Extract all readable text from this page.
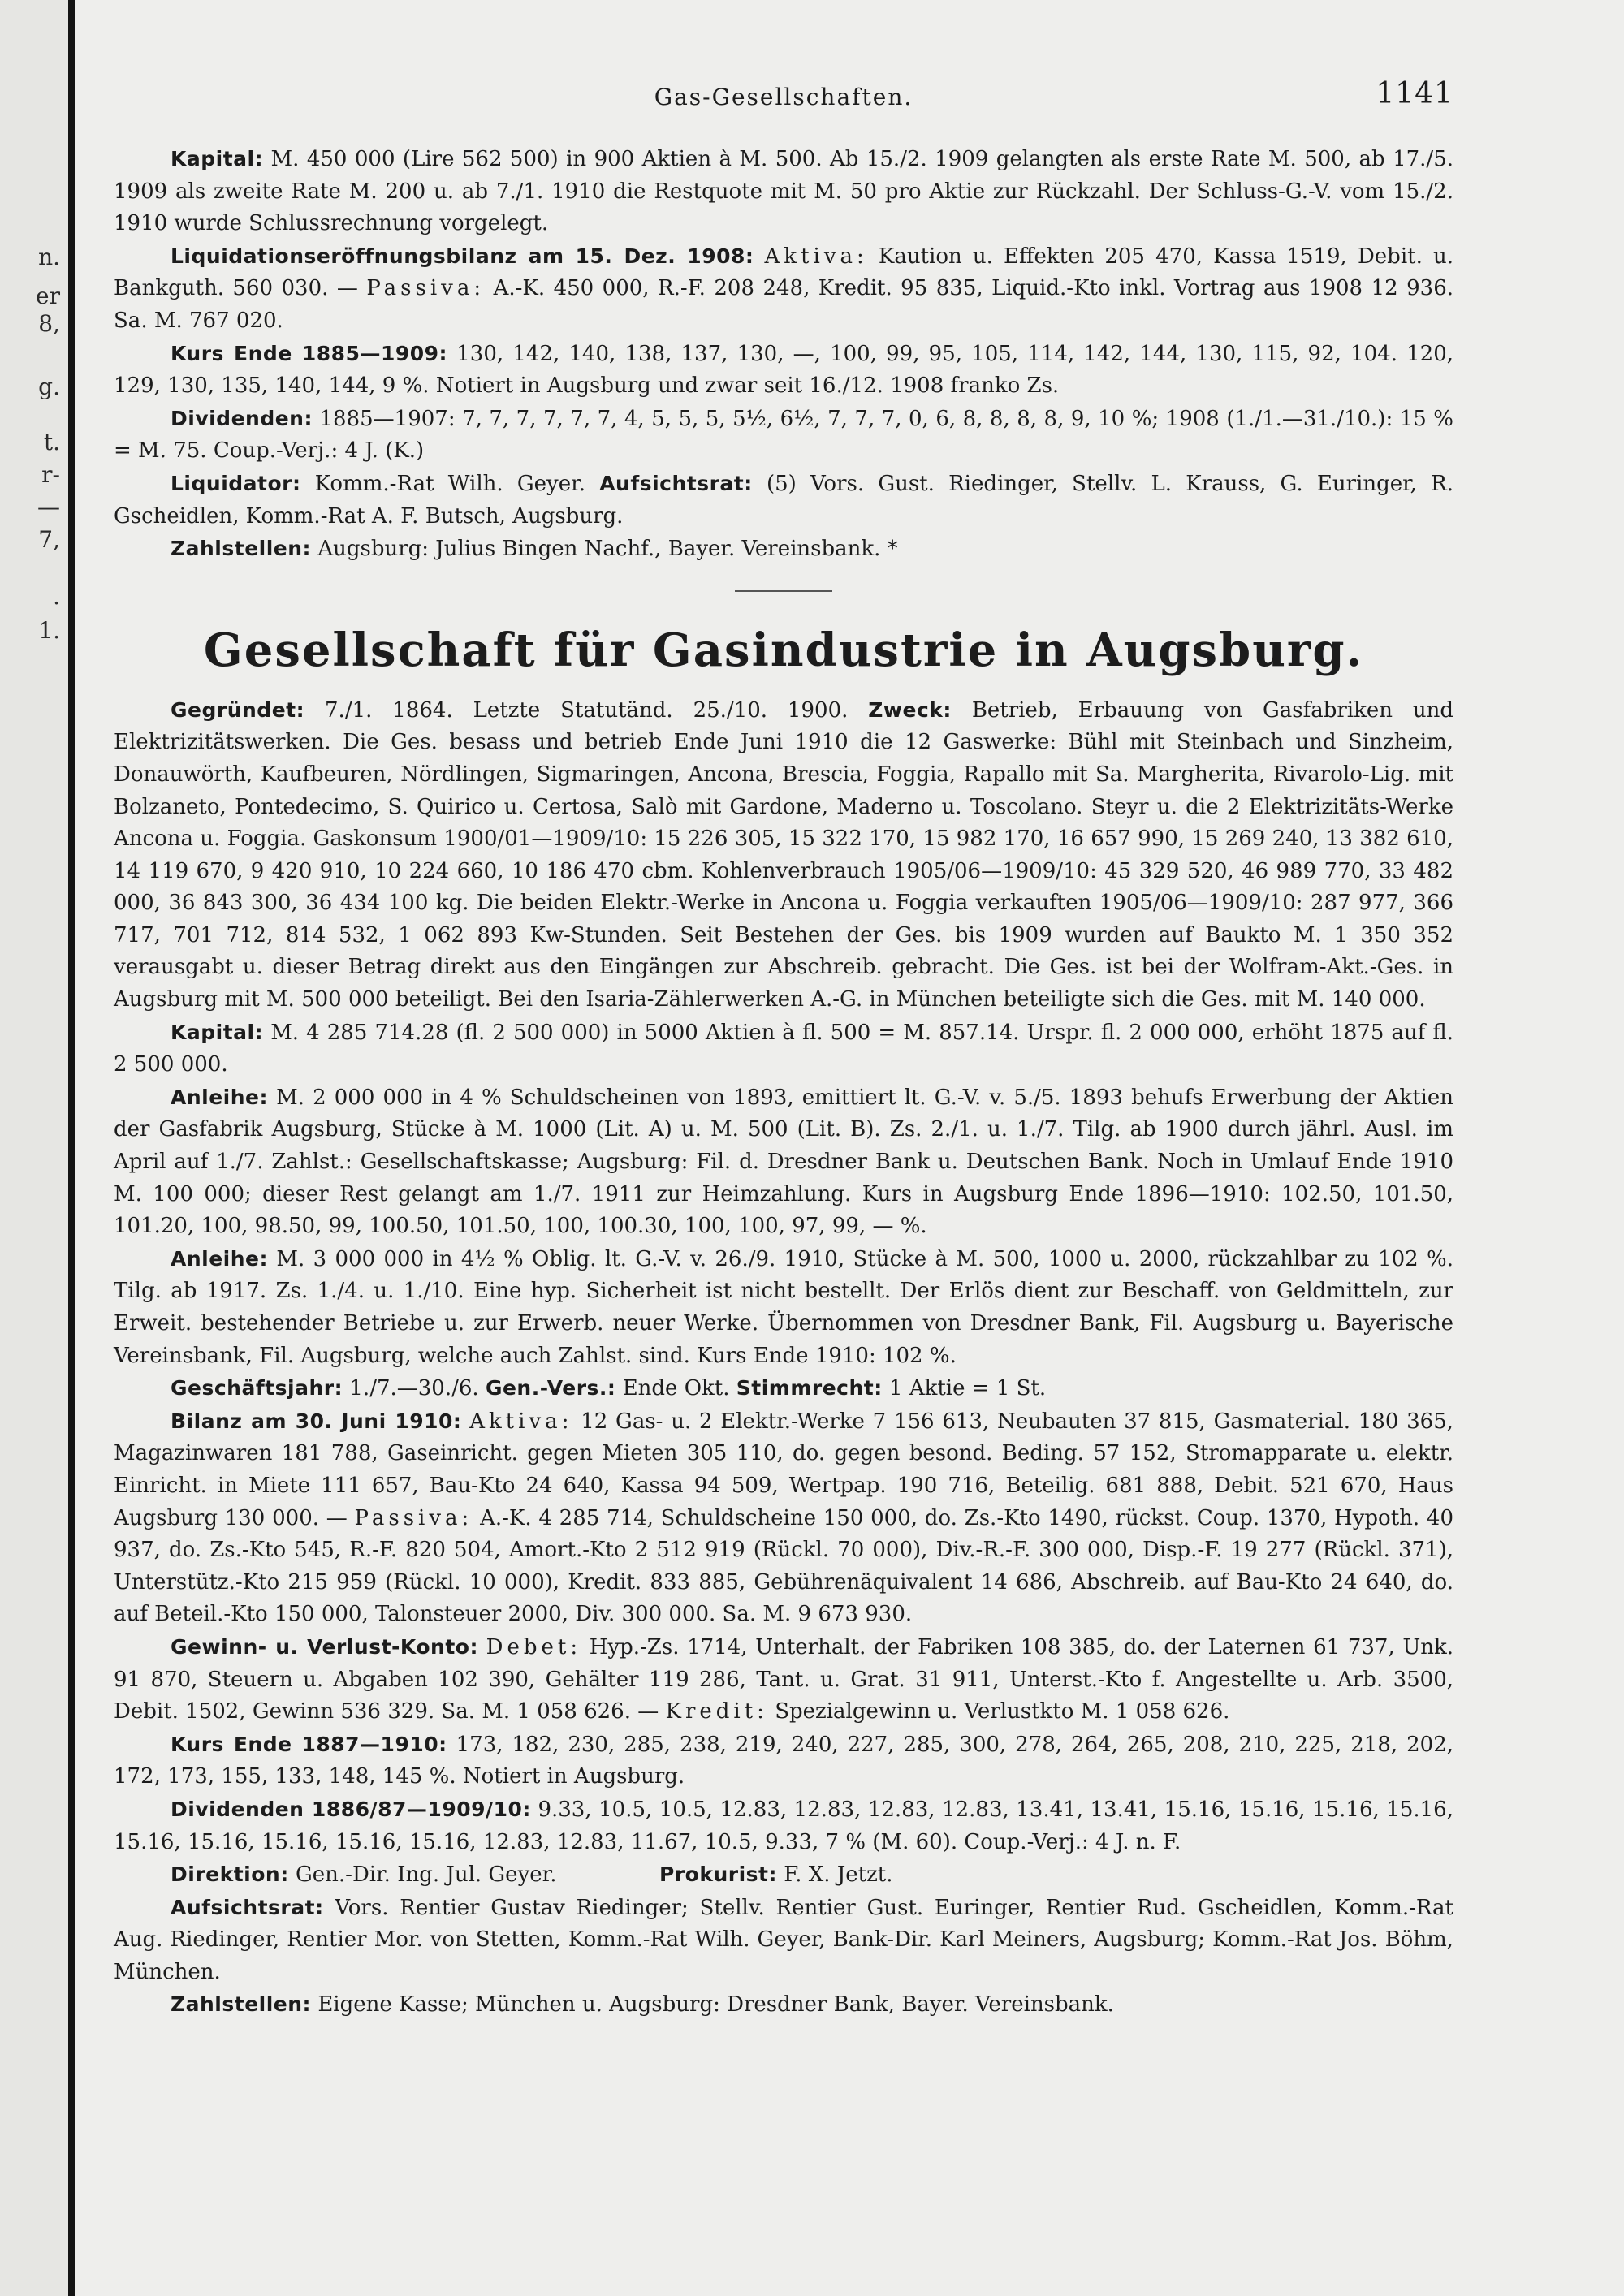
n.
er
8,
g.
t.
r-
—
7,
.
1.
Gas-Gesellschaften.	1141

Kapital: M. 450 000 (Lire 562 500) in 900 Aktien à M. 500. Ab 15./2. 1909 gelangten als erste Rate M. 500, ab 17./5. 1909 als zweite Rate M. 200 u. ab 7./1. 1910 die Restquote mit M. 50 pro Aktie zur Rückzahl. Der Schluss-G.-V. vom 15./2. 1910 wurde Schlussrechnung vorgelegt.

Liquidationseröffnungsbilanz am 15. Dez. 1908: Aktiva: Kaution u. Effekten 205 470, Kassa 1519, Debit. u. Bankguth. 560 030. — Passiva: A.-K. 450 000, R.-F. 208 248, Kredit. 95 835, Liquid.-Kto inkl. Vortrag aus 1908 12 936. Sa. M. 767 020.

Kurs Ende 1885—1909: 130, 142, 140, 138, 137, 130, —, 100, 99, 95, 105, 114, 142, 144, 130, 115, 92, 104. 120, 129, 130, 135, 140, 144, 9 %. Notiert in Augsburg und zwar seit 16./12. 1908 franko Zs.

Dividenden: 1885—1907: 7, 7, 7, 7, 7, 7, 4, 5, 5, 5, 5½, 6½, 7, 7, 7, 0, 6, 8, 8, 8, 8, 9, 10 %; 1908 (1./1.—31./10.): 15 % = M. 75. Coup.-Verj.: 4 J. (K.)

Liquidator: Komm.-Rat Wilh. Geyer. Aufsichtsrat: (5) Vors. Gust. Riedinger, Stellv. L. Krauss, G. Euringer, R. Gscheidlen, Komm.-Rat A. F. Butsch, Augsburg.

Zahlstellen: Augsburg: Julius Bingen Nachf., Bayer. Vereinsbank. *

Gesellschaft für Gasindustrie in Augsburg.

Gegründet: 7./1. 1864. Letzte Statutänd. 25./10. 1900. Zweck: Betrieb, Erbauung von Gasfabriken und Elektrizitätswerken. Die Ges. besass und betrieb Ende Juni 1910 die 12 Gaswerke: Bühl mit Steinbach und Sinzheim, Donauwörth, Kaufbeuren, Nördlingen, Sigmaringen, Ancona, Brescia, Foggia, Rapallo mit Sa. Margherita, Rivarolo-Lig. mit Bolzaneto, Pontedecimo, S. Quirico u. Certosa, Salò mit Gardone, Maderno u. Toscolano. Steyr u. die 2 Elektrizitäts-Werke Ancona u. Foggia. Gaskonsum 1900/01—1909/10: 15 226 305, 15 322 170, 15 982 170, 16 657 990, 15 269 240, 13 382 610, 14 119 670, 9 420 910, 10 224 660, 10 186 470 cbm. Kohlenverbrauch 1905/06—1909/10: 45 329 520, 46 989 770, 33 482 000, 36 843 300, 36 434 100 kg. Die beiden Elektr.-Werke in Ancona u. Foggia verkauften 1905/06—1909/10: 287 977, 366 717, 701 712, 814 532, 1 062 893 Kw-Stunden. Seit Bestehen der Ges. bis 1909 wurden auf Baukto M. 1 350 352 verausgabt u. dieser Betrag direkt aus den Eingängen zur Abschreib. gebracht. Die Ges. ist bei der Wolfram-Akt.-Ges. in Augsburg mit M. 500 000 beteiligt. Bei den Isaria-Zählerwerken A.-G. in München beteiligte sich die Ges. mit M. 140 000.

Kapital: M. 4 285 714.28 (fl. 2 500 000) in 5000 Aktien à fl. 500 = M. 857.14. Urspr. fl. 2 000 000, erhöht 1875 auf fl. 2 500 000.

Anleihe: M. 2 000 000 in 4 % Schuldscheinen von 1893, emittiert lt. G.-V. v. 5./5. 1893 behufs Erwerbung der Aktien der Gasfabrik Augsburg, Stücke à M. 1000 (Lit. A) u. M. 500 (Lit. B). Zs. 2./1. u. 1./7. Tilg. ab 1900 durch jährl. Ausl. im April auf 1./7. Zahlst.: Gesellschaftskasse; Augsburg: Fil. d. Dresdner Bank u. Deutschen Bank. Noch in Umlauf Ende 1910 M. 100 000; dieser Rest gelangt am 1./7. 1911 zur Heimzahlung. Kurs in Augsburg Ende 1896—1910: 102.50, 101.50, 101.20, 100, 98.50, 99, 100.50, 101.50, 100, 100.30, 100, 100, 97, 99, — %.

Anleihe: M. 3 000 000 in 4½ % Oblig. lt. G.-V. v. 26./9. 1910, Stücke à M. 500, 1000 u. 2000, rückzahlbar zu 102 %. Tilg. ab 1917. Zs. 1./4. u. 1./10. Eine hyp. Sicherheit ist nicht bestellt. Der Erlös dient zur Beschaff. von Geldmitteln, zur Erweit. bestehender Betriebe u. zur Erwerb. neuer Werke. Übernommen von Dresdner Bank, Fil. Augsburg u. Bayerische Vereinsbank, Fil. Augsburg, welche auch Zahlst. sind. Kurs Ende 1910: 102 %.

Geschäftsjahr: 1./7.—30./6. Gen.-Vers.: Ende Okt. Stimmrecht: 1 Aktie = 1 St.

Bilanz am 30. Juni 1910: Aktiva: 12 Gas- u. 2 Elektr.-Werke 7 156 613, Neubauten 37 815, Gasmaterial. 180 365, Magazinwaren 181 788, Gaseinricht. gegen Mieten 305 110, do. gegen besond. Beding. 57 152, Stromapparate u. elektr. Einricht. in Miete 111 657, Bau-Kto 24 640, Kassa 94 509, Wertpap. 190 716, Beteilig. 681 888, Debit. 521 670, Haus Augsburg 130 000. — Passiva: A.-K. 4 285 714, Schuldscheine 150 000, do. Zs.-Kto 1490, rückst. Coup. 1370, Hypoth. 40 937, do. Zs.-Kto 545, R.-F. 820 504, Amort.-Kto 2 512 919 (Rückl. 70 000), Div.-R.-F. 300 000, Disp.-F. 19 277 (Rückl. 371), Unterstütz.-Kto 215 959 (Rückl. 10 000), Kredit. 833 885, Gebührenäquivalent 14 686, Abschreib. auf Bau-Kto 24 640, do. auf Beteil.-Kto 150 000, Talonsteuer 2000, Div. 300 000. Sa. M. 9 673 930.

Gewinn- u. Verlust-Konto: Debet: Hyp.-Zs. 1714, Unterhalt. der Fabriken 108 385, do. der Laternen 61 737, Unk. 91 870, Steuern u. Abgaben 102 390, Gehälter 119 286, Tant. u. Grat. 31 911, Unterst.-Kto f. Angestellte u. Arb. 3500, Debit. 1502, Gewinn 536 329. Sa. M. 1 058 626. — Kredit: Spezialgewinn u. Verlustkto M. 1 058 626.

Kurs Ende 1887—1910: 173, 182, 230, 285, 238, 219, 240, 227, 285, 300, 278, 264, 265, 208, 210, 225, 218, 202, 172, 173, 155, 133, 148, 145 %. Notiert in Augsburg.

Dividenden 1886/87—1909/10: 9.33, 10.5, 10.5, 12.83, 12.83, 12.83, 12.83, 13.41, 13.41, 15.16, 15.16, 15.16, 15.16, 15.16, 15.16, 15.16, 15.16, 15.16, 12.83, 12.83, 11.67, 10.5, 9.33, 7 % (M. 60). Coup.-Verj.: 4 J. n. F.

Direktion: Gen.-Dir. Ing. Jul. Geyer.	Prokurist: F. X. Jetzt.

Aufsichtsrat: Vors. Rentier Gustav Riedinger; Stellv. Rentier Gust. Euringer, Rentier Rud. Gscheidlen, Komm.-Rat Aug. Riedinger, Rentier Mor. von Stetten, Komm.-Rat Wilh. Geyer, Bank-Dir. Karl Meiners, Augsburg; Komm.-Rat Jos. Böhm, München.

Zahlstellen: Eigene Kasse; München u. Augsburg: Dresdner Bank, Bayer. Vereinsbank.
